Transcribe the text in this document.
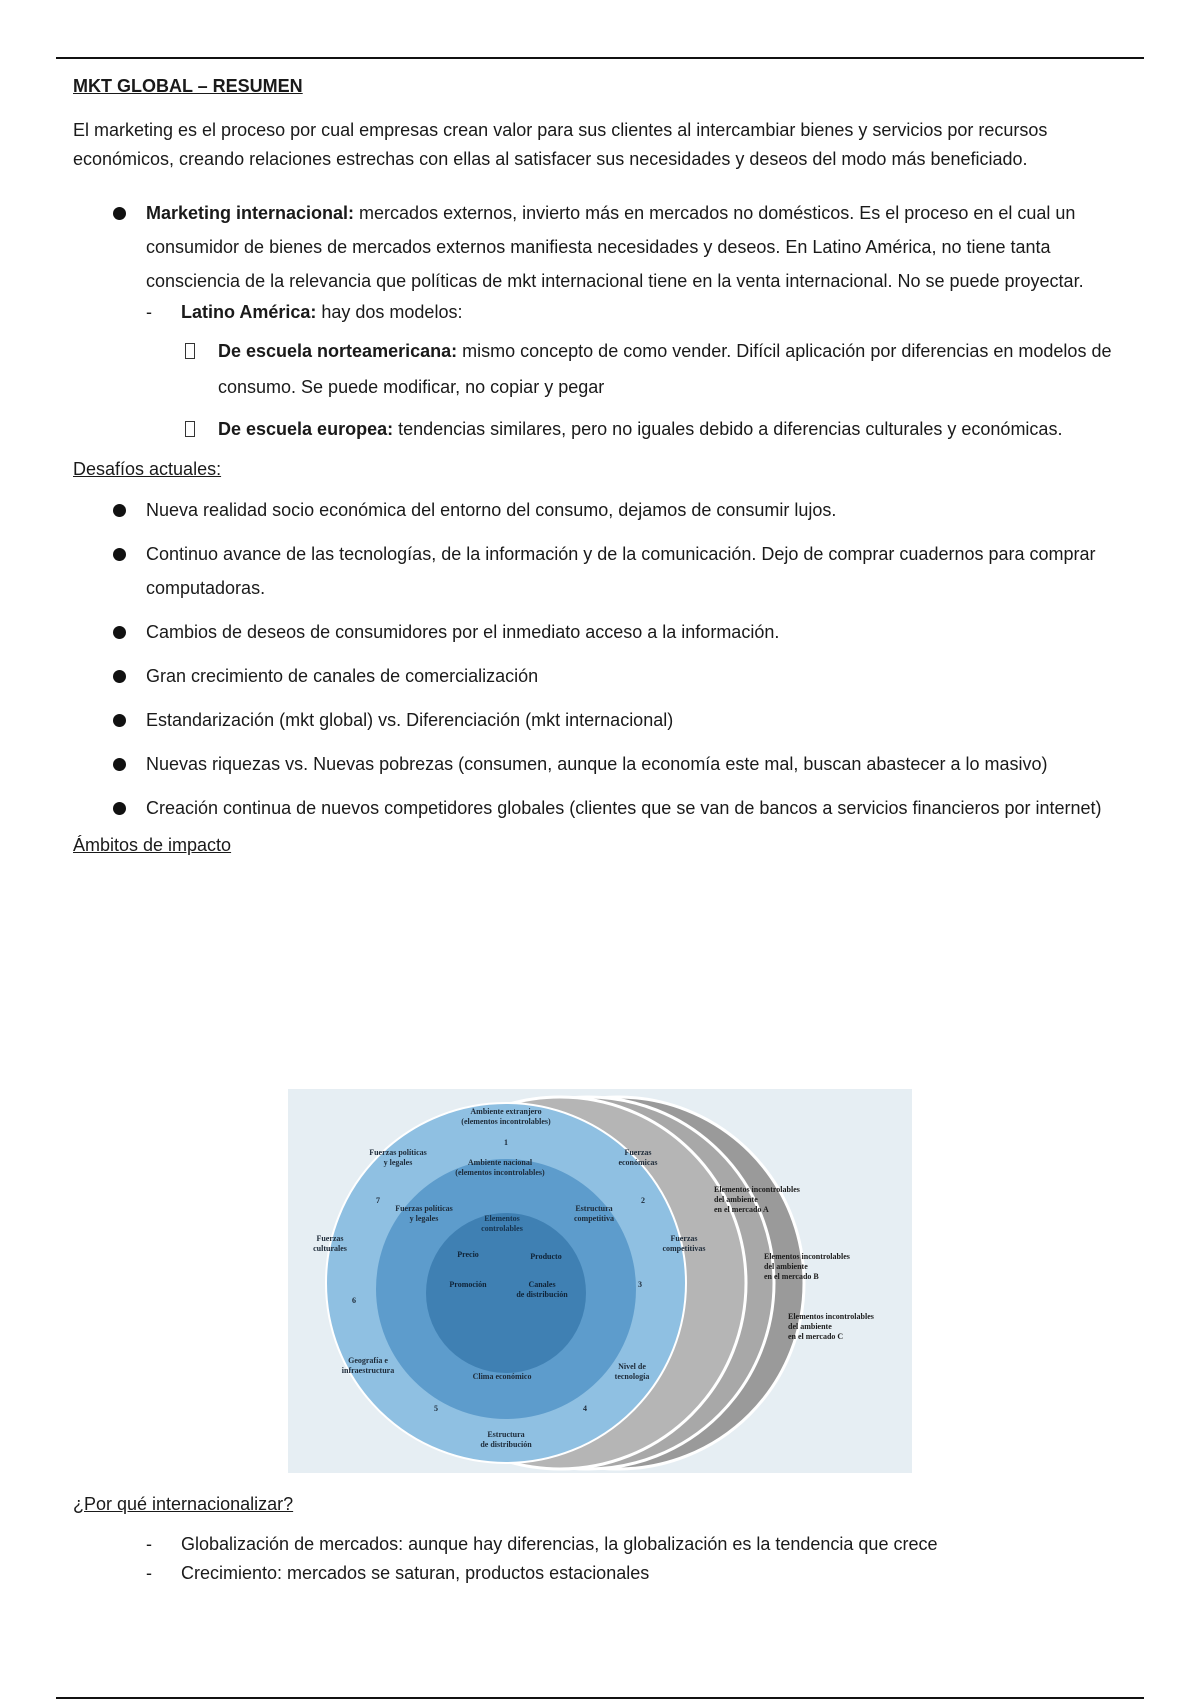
MKT GLOBAL – RESUMEN

El marketing es el proceso por cual empresas crean valor para sus clientes al intercambiar bienes y servicios por recursos económicos, creando relaciones estrechas con ellas al satisfacer sus necesidades y deseos del modo más beneficiado.

Marketing internacional: mercados externos, invierto más en mercados no domésticos. Es el proceso en el cual un consumidor de bienes de mercados externos manifiesta necesidades y deseos. En Latino América, no tiene tanta consciencia de la relevancia que políticas de mkt internacional tiene en la venta internacional. No se puede proyectar.
- Latino América: hay dos modelos:
De escuela norteamericana: mismo concepto de como vender. Difícil aplicación por diferencias en modelos de consumo. Se puede modificar, no copiar y pegar
De escuela europea: tendencias similares, pero no iguales debido a diferencias culturales y económicas.

Desafíos actuales:

Nueva realidad socio económica del entorno del consumo, dejamos de consumir lujos.
Continuo avance de las tecnologías, de la información y de la comunicación. Dejo de comprar cuadernos para comprar computadoras.
Cambios de deseos de consumidores por el inmediato acceso a la información.
Gran crecimiento de canales de comercialización
Estandarización (mkt global) vs. Diferenciación (mkt internacional)
Nuevas riquezas vs. Nuevas pobrezas (consumen, aunque la economía este mal, buscan abastecer a lo masivo)
Creación continua de nuevos competidores globales (clientes que se van de bancos a servicios financieros por internet)

Ámbitos de impacto

Ambiente extranjero
(elementos incontrolables)
1
Fuerzas políticas
y legales
Fuerzas
económicas
Ambiente nacional
(elementos incontrolables)
7	2
Fuerzas políticas
y legales
Estructura
competitiva
Elementos
controlables
Fuerzas
culturales
Fuerzas
competitivas
Precio	Producto
Promoción	Canales
de distribución
3
6
Geografía e
infraestructura	Nivel de
tecnología
Clima económico
5	4
Estructura
de distribución
Elementos incontrolables
del ambiente
en el mercado A
Elementos incontrolables
del ambiente
en el mercado B
Elementos incontrolables
del ambiente
en el mercado C

¿Por qué internacionalizar?

- Globalización de mercados: aunque hay diferencias, la globalización es la tendencia que crece
- Crecimiento: mercados se saturan, productos estacionales
